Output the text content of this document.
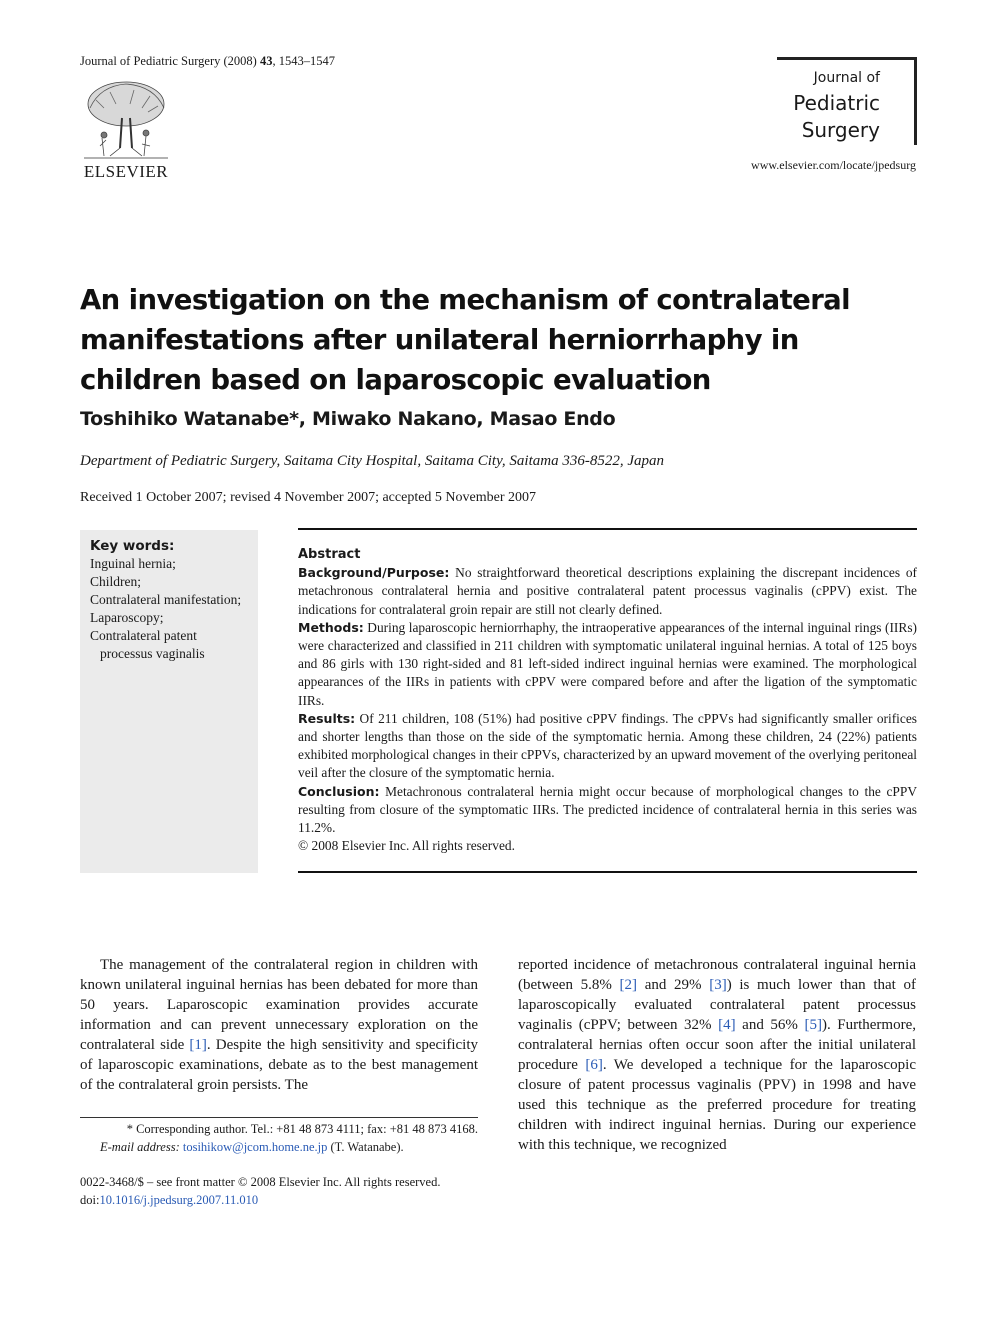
Journal of Pediatric Surgery (2008) 43, 1543–1547
ELSEVIER
Journal of
Pediatric
Surgery
www.elsevier.com/locate/jpedsurg
An investigation on the mechanism of contralateral manifestations after unilateral herniorrhaphy in children based on laparoscopic evaluation
Toshihiko Watanabe*, Miwako Nakano, Masao Endo
Department of Pediatric Surgery, Saitama City Hospital, Saitama City, Saitama 336-8522, Japan
Received 1 October 2007; revised 4 November 2007; accepted 5 November 2007
Key words:
Inguinal hernia;
Children;
Contralateral manifestation;
Laparoscopy;
Contralateral patent processus vaginalis
Abstract

Background/Purpose: No straightforward theoretical descriptions explaining the discrepant incidences of metachronous contralateral hernia and positive contralateral patent processus vaginalis (cPPV) exist. The indications for contralateral groin repair are still not clearly defined.

Methods: During laparoscopic herniorrhaphy, the intraoperative appearances of the internal inguinal rings (IIRs) were characterized and classified in 211 children with symptomatic unilateral inguinal hernias. A total of 125 boys and 86 girls with 130 right-sided and 81 left-sided indirect inguinal hernias were examined. The morphological appearances of the IIRs in patients with cPPV were compared before and after the ligation of the symptomatic IIRs.

Results: Of 211 children, 108 (51%) had positive cPPV findings. The cPPVs had significantly smaller orifices and shorter lengths than those on the side of the symptomatic hernia. Among these children, 24 (22%) patients exhibited morphological changes in their cPPVs, characterized by an upward movement of the overlying peritoneal veil after the closure of the symptomatic hernia.

Conclusion: Metachronous contralateral hernia might occur because of morphological changes to the cPPV resulting from closure of the symptomatic IIRs. The predicted incidence of contralateral hernia in this series was 11.2%.

© 2008 Elsevier Inc. All rights reserved.

The management of the contralateral region in children with known unilateral inguinal hernias has been debated for more than 50 years. Laparoscopic examination provides accurate information and can prevent unnecessary exploration on the contralateral side [1]. Despite the high sensitivity and specificity of laparoscopic examinations, debate as to the best management of the contralateral groin persists. The

reported incidence of metachronous contralateral inguinal hernia (between 5.8% [2] and 29% [3]) is much lower than that of laparoscopically evaluated contralateral patent processus vaginalis (cPPV; between 32% [4] and 56% [5]). Furthermore, contralateral hernias often occur soon after the initial unilateral procedure [6]. We developed a technique for the laparoscopic closure of patent processus vaginalis (PPV) in 1998 and have used this technique as the preferred procedure for treating children with indirect inguinal hernias. During our experience with this technique, we recognized

* Corresponding author. Tel.: +81 48 873 4111; fax: +81 48 873 4168.
E-mail address: tosihikow@jcom.home.ne.jp (T. Watanabe).
0022-3468/$ – see front matter © 2008 Elsevier Inc. All rights reserved.
doi:10.1016/j.jpedsurg.2007.11.010
